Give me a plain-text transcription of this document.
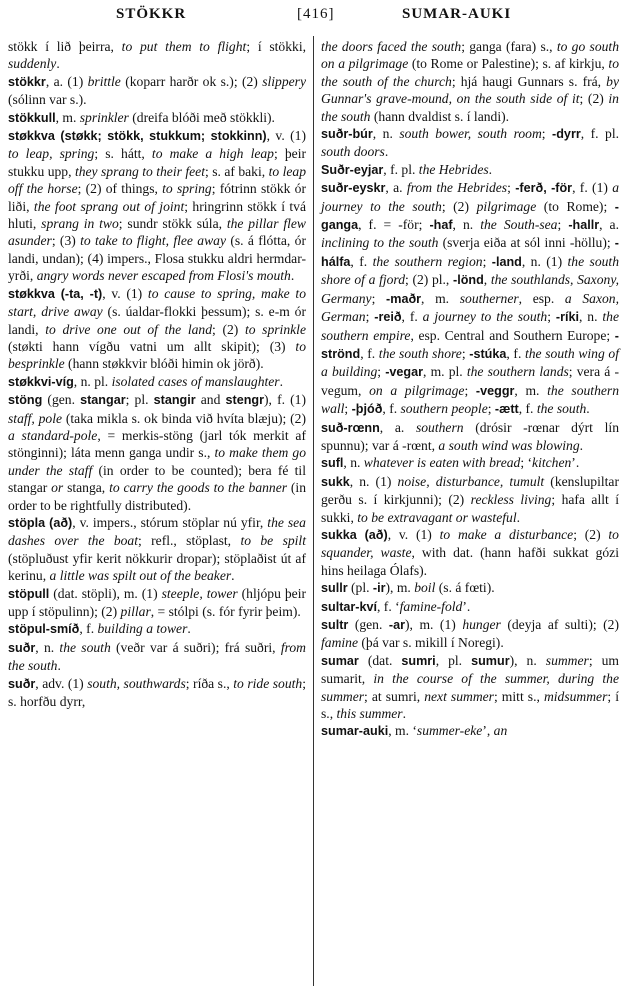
STÖKKR	[416]	SUMAR-AUKI

stökk í lið þeirra, to put them to flight; í stökki, suddenly.

stökkr, a. (1) brittle (koparr harðr ok s.); (2) slippery (sólinn var s.).

stökkull, m. sprinkler (dreifa blóði með stökkli).

støkkva (støkk; stökk, stukkum; stokkinn), v. (1) to leap, spring; s. hátt, to make a high leap; þeir stukku upp, they sprang to their feet; s. af baki, to leap off the horse; (2) of things, to spring; fótrinn stökk ór liði, the foot sprang out of joint; hringrinn stökk í tvá hluti, sprang in two; sundr stökk súla, the pillar flew asunder; (3) to take to flight, flee away (s. á flótta, ór landi, undan); (4) impers., Flosa stukku aldri hermdar-yrði, angry words never escaped from Flosi's mouth.

støkkva (-ta, -t), v. (1) to cause to spring, make to start, drive away (s. úaldar-flokki þessum); s. e-m ór landi, to drive one out of the land; (2) to sprinkle (støkti hann vígðu vatni um allt skipit); (3) to besprinkle (hann støkkvir blóði himin ok jörð).

støkkvi-víg, n. pl. isolated cases of manslaughter.

stöng (gen. stangar; pl. stangir and stengr), f. (1) staff, pole (taka mikla s. ok binda við hvíta blæju); (2) a standard-pole, = merkis-stöng (jarl tók merkit af stönginni); láta menn ganga undir s., to make them go under the staff (in order to be counted); bera fé til stangar or stanga, to carry the goods to the banner (in order to be rightfully distributed).

stöpla (að), v. impers., stórum stöplar nú yfir, the sea dashes over the boat; refl., stöplast, to be spilt (stöpluðust yfir kerit nökkurir dropar); stöplaðist út af kerinu, a little was spilt out of the beaker.

stöpull (dat. stöpli), m. (1) steeple, tower (hljópu þeir upp í stöpulinn); (2) pillar, = stólpi (s. fór fyrir þeim).

stöpul-smíð, f. building a tower.

suðr, n. the south (veðr var á suðri); frá suðri, from the south.

suðr, adv. (1) south, southwards; ríða s., to ride south; s. horfðu dyrr,

the doors faced the south; ganga (fara) s., to go south on a pilgrimage (to Rome or Palestine); s. af kirkju, to the south of the church; hjá haugi Gunnars s. frá, by Gunnar's grave-mound, on the south side of it; (2) in the south (hann dvaldist s. í landi).

suðr-búr, n. south bower, south room; -dyrr, f. pl. south doors.

Suðr-eyjar, f. pl. the Hebrides.

suðr-eyskr, a. from the Hebrides; -ferð, -för, f. (1) a journey to the south; (2) pilgrimage (to Rome); -ganga, f. = -för; -haf, n. the South-sea; -hallr, a. inclining to the south (sverja eiða at sól inni -höllu); -hálfa, f. the southern region; -land, n. (1) the south shore of a fjord; (2) pl., -lönd, the southlands, Saxony, Germany; -maðr, m. southerner, esp. a Saxon, German; -reið, f. a journey to the south; -ríki, n. the southern empire, esp. Central and Southern Europe; -strönd, f. the south shore; -stúka, f. the south wing of a building; -vegar, m. pl. the southern lands; vera á -vegum, on a pilgrimage; -veggr, m. the southern wall; -þjóð, f. southern people; -ætt, f. the south.

suð-rœnn, a. southern (drósir -rœnar dýrt lín spunnu); var á -rœnt, a south wind was blowing.

sufl, n. whatever is eaten with bread; ‘kitchen’.

sukk, n. (1) noise, disturbance, tumult (kenslupiltar gerðu s. í kirkjunni); (2) reckless living; hafa allt í sukki, to be extravagant or wasteful.

sukka (að), v. (1) to make a disturbance; (2) to squander, waste, with dat. (hann hafði sukkat gózi hins heilaga Ólafs).

sullr (pl. -ir), m. boil (s. á fœti).

sultar-kví, f. ‘famine-fold’.

sultr (gen. -ar), m. (1) hunger (deyja af sulti); (2) famine (þá var s. mikill í Noregi).

sumar (dat. sumri, pl. sumur), n. summer; um sumarit, in the course of the summer, during the summer; at sumri, next summer; mitt s., midsummer; í s., this summer.

sumar-auki, m. ‘summer-eke’, an
